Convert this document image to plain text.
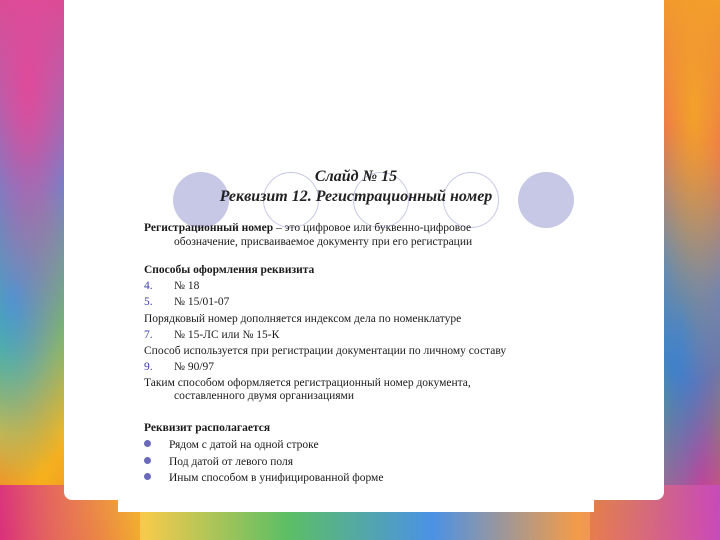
Слайд № 15
Реквизит 12. Регистрационный номер
Регистрационный номер – это цифровое или буквенно-цифровое
обозначение, присваиваемое документу при его регистрации
Способы оформления реквизита
4. № 18
5. № 15/01-07
Порядковый номер дополняется индексом дела по номенклатуре
7. № 15-ЛС или № 15-К
Способ используется при регистрации документации по личному составу
9. № 90/97
Таким способом оформляется регистрационный номер документа,
составленного двумя организациями
Реквизит располагается
Рядом с датой на одной строке
Под датой от левого поля
Иным способом в унифицированной форме
